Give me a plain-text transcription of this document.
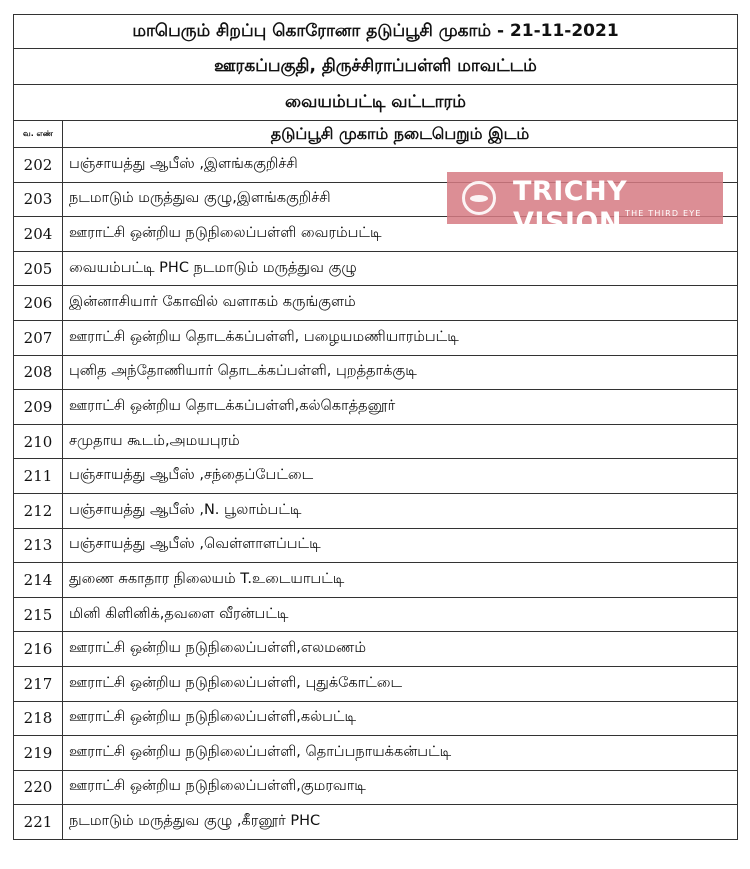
மாபெரும் சிறப்பு கொரோனா தடுப்பூசி முகாம் - 21-11-2021	
ஊரகப்பகுதி, திருச்சிராப்பள்ளி மாவட்டம்	
வையம்பட்டி வட்டாரம்	
வ. எண்	தடுப்பூசி முகாம் நடைபெறும் இடம்
202	பஞ்சாயத்து ஆபீஸ் ,இளங்ககுறிச்சி
203	நடமாடும் மருத்துவ குழு,இளங்ககுறிச்சி
204	ஊராட்சி ஒன்றிய நடுநிலைப்பள்ளி வைரம்பட்டி
205	வையம்பட்டி PHC நடமாடும் மருத்துவ குழு
206	இன்னாசியார் கோவில் வளாகம் கருங்குளம்
207	ஊராட்சி ஒன்றிய தொடக்கப்பள்ளி, பழையமணியாரம்பட்டி
208	புனித அந்தோணியார் தொடக்கப்பள்ளி, புறத்தாக்குடி
209	ஊராட்சி ஒன்றிய தொடக்கப்பள்ளி,கல்கொத்தனூர்
210	சமுதாய கூடம்,அமயபுரம்
211	பஞ்சாயத்து ஆபீஸ் ,சந்தைப்பேட்டை
212	பஞ்சாயத்து ஆபீஸ் ,N. பூலாம்பட்டி
213	பஞ்சாயத்து ஆபீஸ் ,வெள்ளாளப்பட்டி
214	துணை சுகாதார நிலையம் T.உடையாபட்டி
215	மினி கிளினிக்,தவளை வீரன்பட்டி
216	ஊராட்சி ஒன்றிய நடுநிலைப்பள்ளி,எலமணம்
217	ஊராட்சி ஒன்றிய நடுநிலைப்பள்ளி, புதுக்கோட்டை
218	ஊராட்சி ஒன்றிய நடுநிலைப்பள்ளி,கல்பட்டி
219	ஊராட்சி ஒன்றிய நடுநிலைப்பள்ளி, தொப்பநாயக்கன்பட்டி
220	ஊராட்சி ஒன்றிய நடுநிலைப்பள்ளி,குமரவாடி
221	நடமாடும் மருத்துவ குழு ,கீரனூர் PHC
TRICHY VISION THE THIRD EYE
